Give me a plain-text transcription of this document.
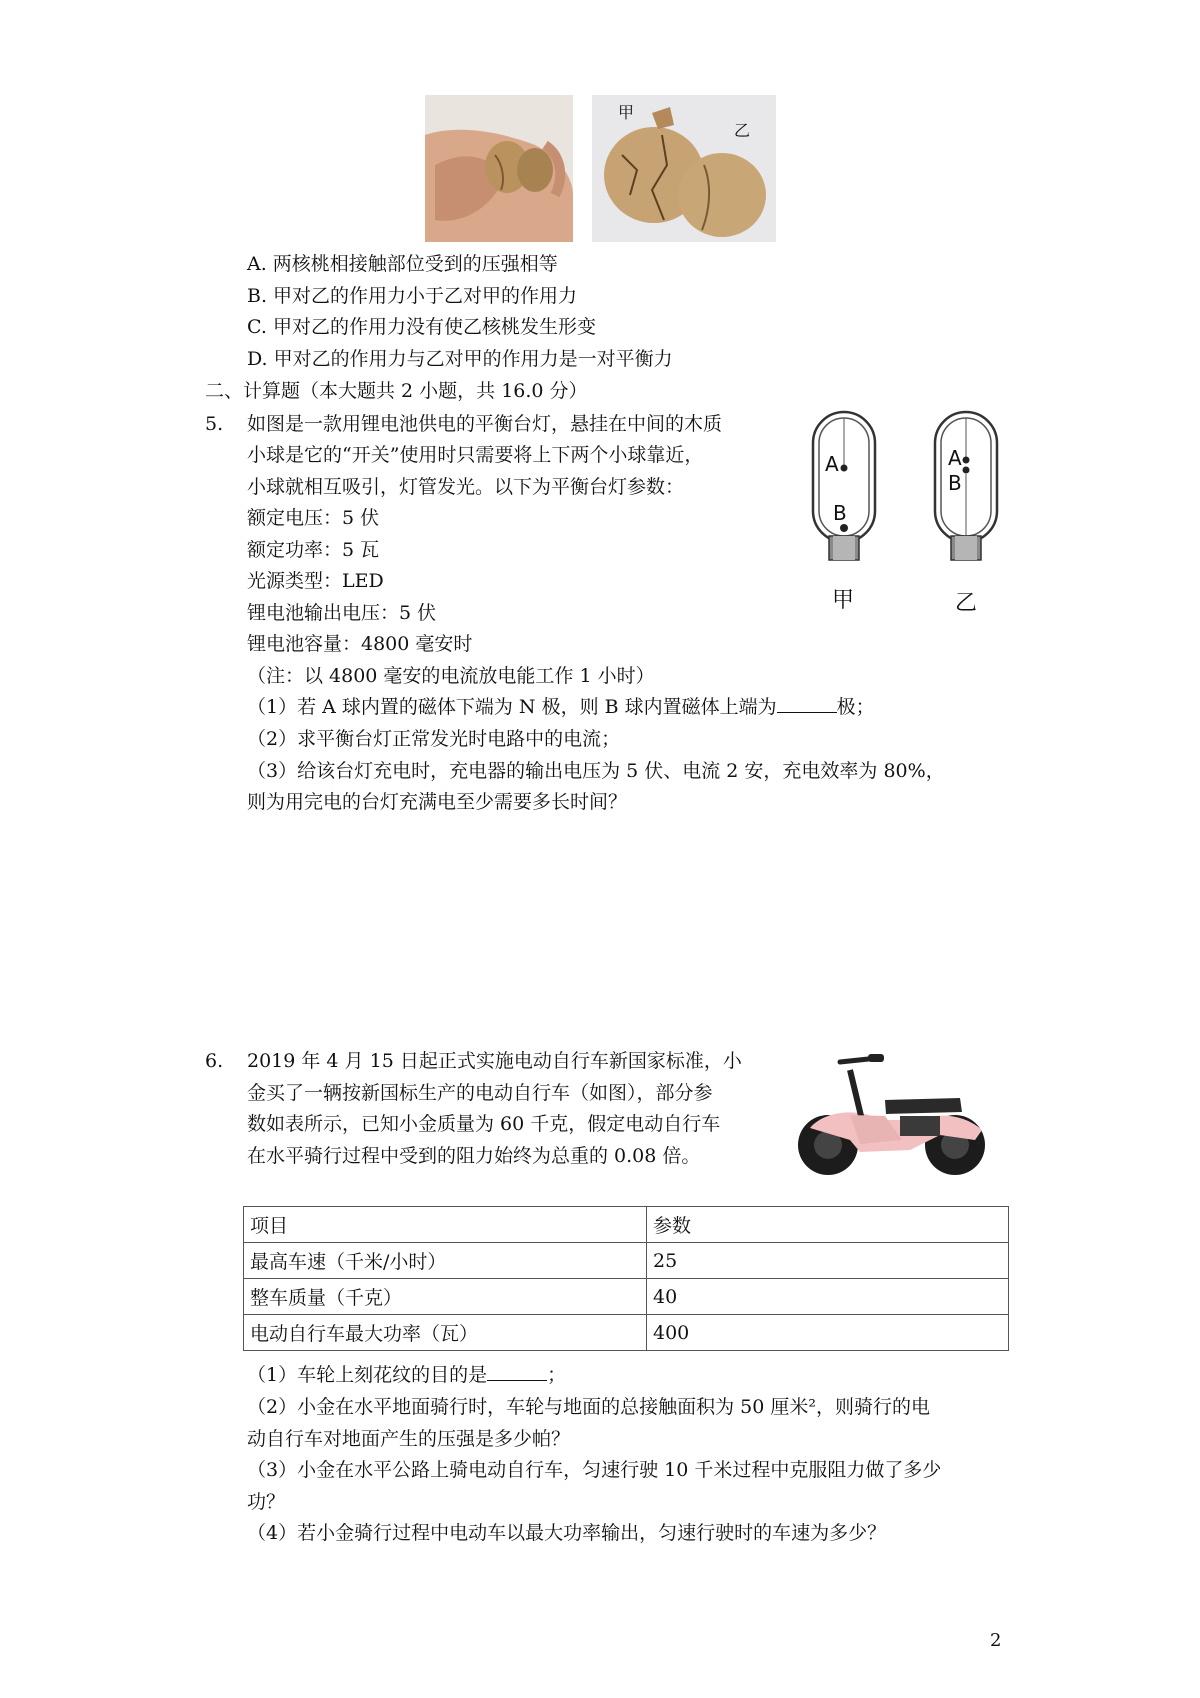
甲
乙
A. 两核桃相接触部位受到的压强相等
B. 甲对乙的作用力小于乙对甲的作用力
C. 甲对乙的作用力没有使乙核桃发生形变
D. 甲对乙的作用力与乙对甲的作用力是一对平衡力
二、计算题（本大题共 2 小题，共 16.0 分）
5. 如图是一款用锂电池供电的平衡台灯，悬挂在中间的木质
小球是它的“开关”使用时只需要将上下两个小球靠近，
小球就相互吸引，灯管发光。以下为平衡台灯参数：
额定电压：5 伏
额定功率：5 瓦
光源类型：LED
锂电池输出电压：5 伏
锂电池容量：4800 毫安时
（注：以 4800 毫安的电流放电能工作 1 小时）
（1）若 A 球内置的磁体下端为 N 极，则 B 球内置磁体上端为	极；
（2）求平衡台灯正常发光时电路中的电流；
（3）给该台灯充电时，充电器的输出电压为 5 伏、电流 2 安，充电效率为 80%，
则为用完电的台灯充满电至少需要多长时间？
A
B
A
B
甲	乙
6. 2019 年 4 月 15 日起正式实施电动自行车新国家标准，小
金买了一辆按新国标生产的电动自行车（如图），部分参
数如表所示，已知小金质量为 60 千克，假定电动自行车
在水平骑行过程中受到的阻力始终为总重的 0.08 倍。
项目	参数
最高车速（千米/小时）	25
整车质量（千克）	40
电动自行车最大功率（瓦）	400
（1）车轮上刻花纹的目的是	；
（2）小金在水平地面骑行时，车轮与地面的总接触面积为 50 厘米²，则骑行的电
动自行车对地面产生的压强是多少帕？
（3）小金在水平公路上骑电动自行车，匀速行驶 10 千米过程中克服阻力做了多少
功？
（4）若小金骑行过程中电动车以最大功率输出，匀速行驶时的车速为多少？
2
